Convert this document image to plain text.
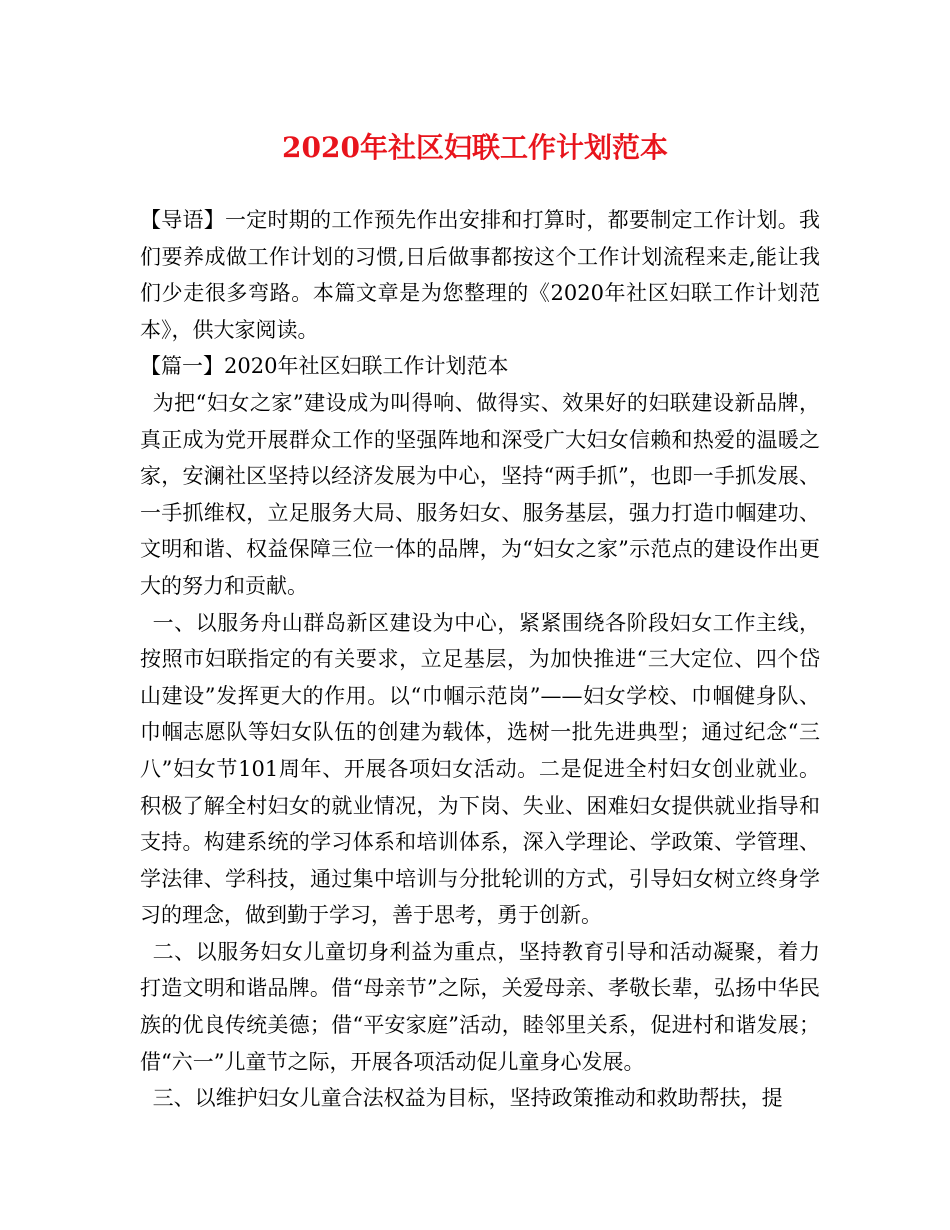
2020年社区妇联工作计划范本

【导语】一定时期的工作预先作出安排和打算时，都要制定工作计划。我们要养成做工作计划的习惯,日后做事都按这个工作计划流程来走,能让我们少走很多弯路。本篇文章是为您整理的《2020年社区妇联工作计划范本》，供大家阅读。

【篇一】2020年社区妇联工作计划范本

为把“妇女之家”建设成为叫得响、做得实、效果好的妇联建设新品牌，真正成为党开展群众工作的坚强阵地和深受广大妇女信赖和热爱的温暖之家，安澜社区坚持以经济发展为中心，坚持“两手抓”，也即一手抓发展、一手抓维权，立足服务大局、服务妇女、服务基层，强力打造巾帼建功、文明和谐、权益保障三位一体的品牌，为“妇女之家”示范点的建设作出更大的努力和贡献。

一、以服务舟山群岛新区建设为中心，紧紧围绕各阶段妇女工作主线，按照市妇联指定的有关要求，立足基层，为加快推进“三大定位、四个岱山建设”发挥更大的作用。以“巾帼示范岗”——妇女学校、巾帼健身队、巾帼志愿队等妇女队伍的创建为载体，选树一批先进典型；通过纪念“三八”妇女节101周年、开展各项妇女活动。二是促进全村妇女创业就业。积极了解全村妇女的就业情况，为下岗、失业、困难妇女提供就业指导和支持。构建系统的学习体系和培训体系，深入学理论、学政策、学管理、学法律、学科技，通过集中培训与分批轮训的方式，引导妇女树立终身学习的理念，做到勤于学习，善于思考，勇于创新。

二、以服务妇女儿童切身利益为重点，坚持教育引导和活动凝聚，着力打造文明和谐品牌。借“母亲节”之际，关爱母亲、孝敬长辈，弘扬中华民族的优良传统美德；借“平安家庭”活动，睦邻里关系，促进村和谐发展；借“六一”儿童节之际，开展各项活动促儿童身心发展。

三、以维护妇女儿童合法权益为目标，坚持政策推动和救助帮扶，提
